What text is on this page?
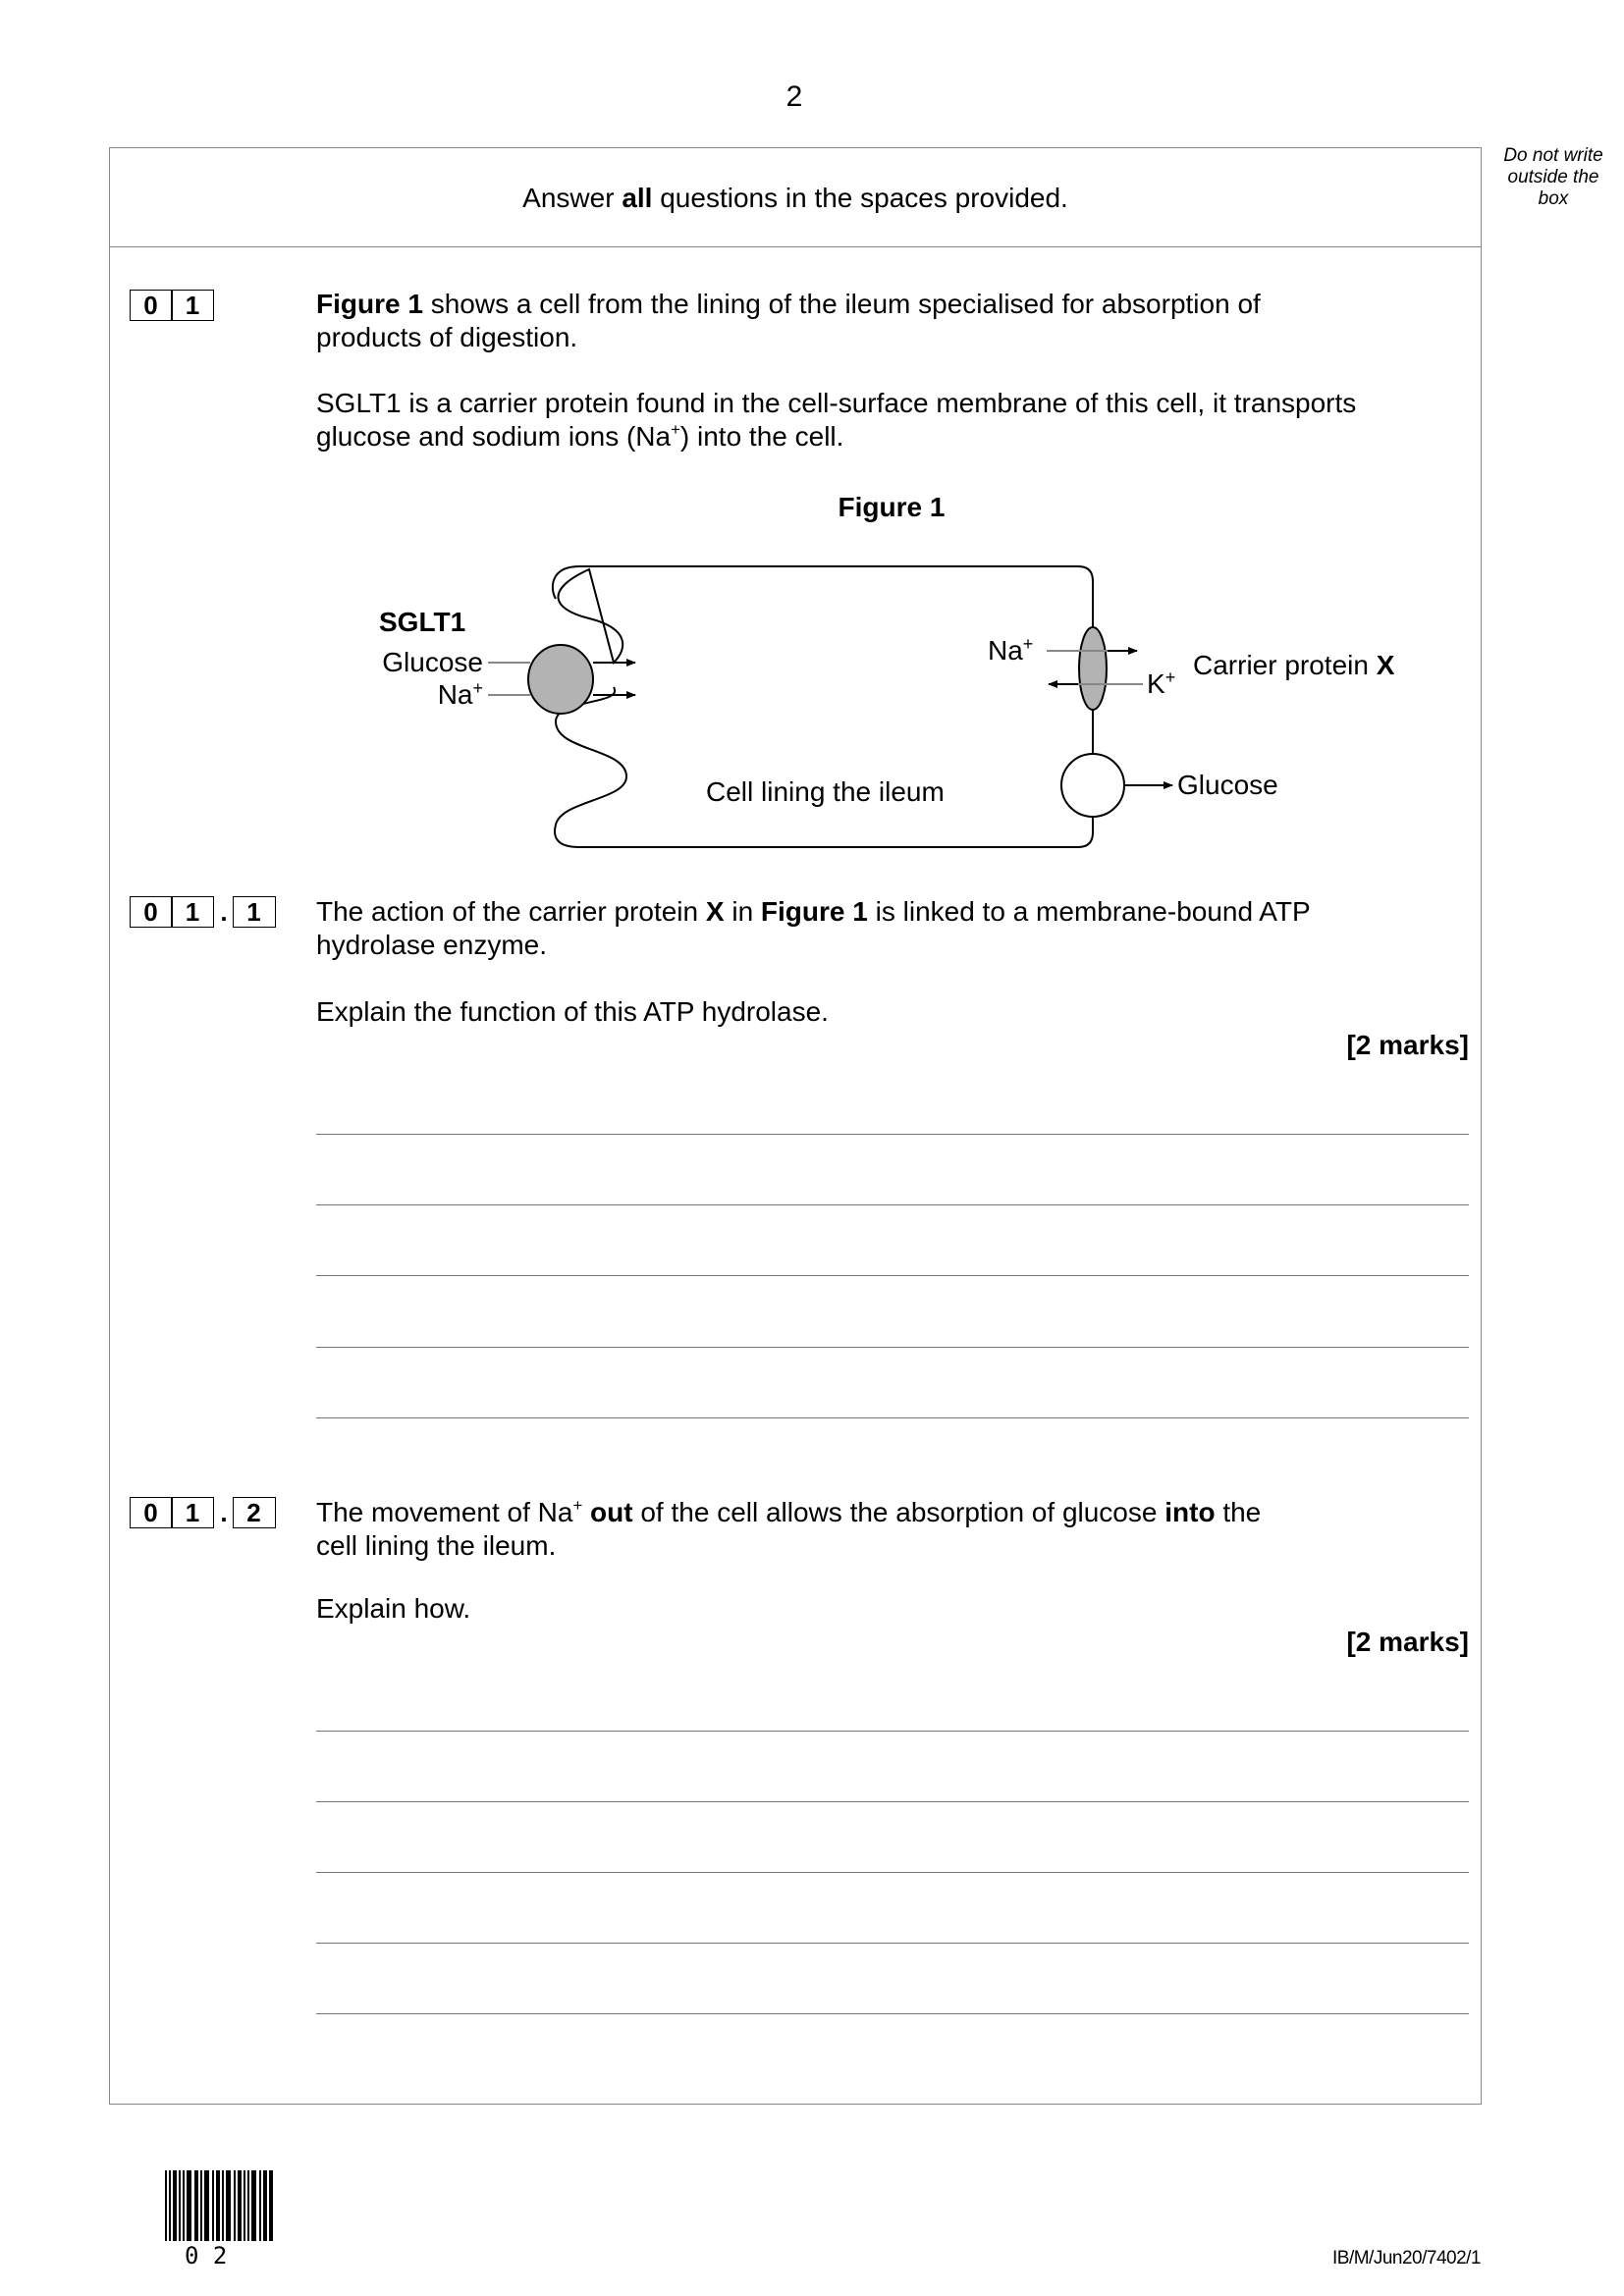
2
Do not write
outside the
box
Answer all questions in the spaces provided.
0	1	Figure 1 shows a cell from the lining of the ileum specialised for absorption of
products of digestion.
SGLT1 is a carrier protein found in the cell-surface membrane of this cell, it transports
glucose and sodium ions (Na+) into the cell.
Figure 1
SGLT1
Glucose
Na+
Na+
K+ Carrier protein X
Cell lining the ileum	Glucose
0	1 . 1	The action of the carrier protein X in Figure 1 is linked to a membrane-bound ATP
hydrolase enzyme.
Explain the function of this ATP hydrolase.
[2 marks]
0	1 . 2	The movement of Na+ out of the cell allows the absorption of glucose into the
cell lining the ileum.
Explain how.
[2 marks]
0 2	IB/M/Jun20/7402/1
